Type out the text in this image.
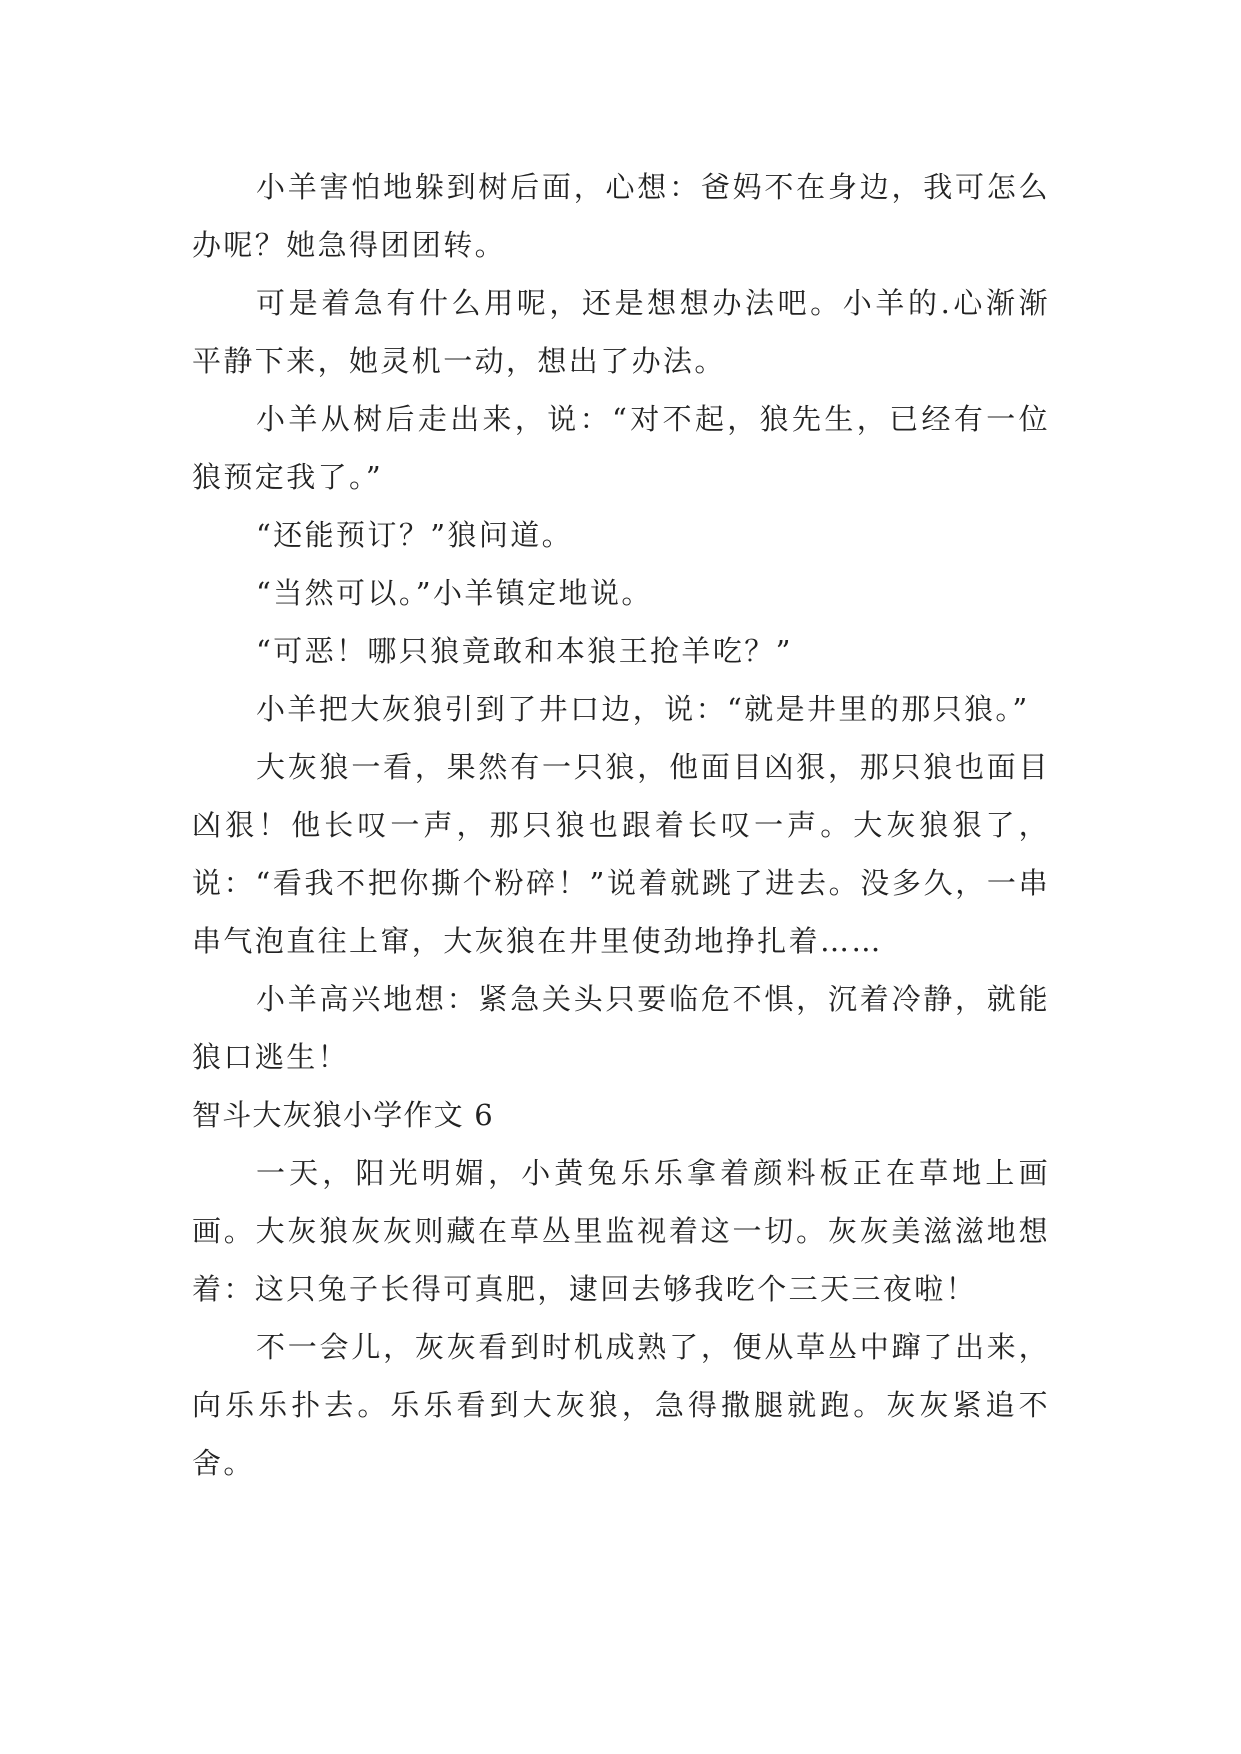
小羊害怕地躲到树后面，心想：爸妈不在身边，我可怎么办呢？她急得团团转。

可是着急有什么用呢，还是想想办法吧。小羊的.心渐渐平静下来，她灵机一动，想出了办法。

小羊从树后走出来，说：“对不起，狼先生，已经有一位狼预定我了。”

“还能预订？”狼问道。

“当然可以。”小羊镇定地说。

“可恶！哪只狼竟敢和本狼王抢羊吃？”

小羊把大灰狼引到了井口边，说：“就是井里的那只狼。”

大灰狼一看，果然有一只狼，他面目凶狠，那只狼也面目凶狠！他长叹一声，那只狼也跟着长叹一声。大灰狼狠了，说：“看我不把你撕个粉碎！”说着就跳了进去。没多久，一串串气泡直往上窜，大灰狼在井里使劲地挣扎着……

小羊高兴地想：紧急关头只要临危不惧，沉着冷静，就能狼口逃生！

智斗大灰狼小学作文 6

一天，阳光明媚，小黄兔乐乐拿着颜料板正在草地上画画。大灰狼灰灰则藏在草丛里监视着这一切。灰灰美滋滋地想着：这只兔子长得可真肥，逮回去够我吃个三天三夜啦！

不一会儿，灰灰看到时机成熟了，便从草丛中蹿了出来，向乐乐扑去。乐乐看到大灰狼，急得撒腿就跑。灰灰紧追不舍。
